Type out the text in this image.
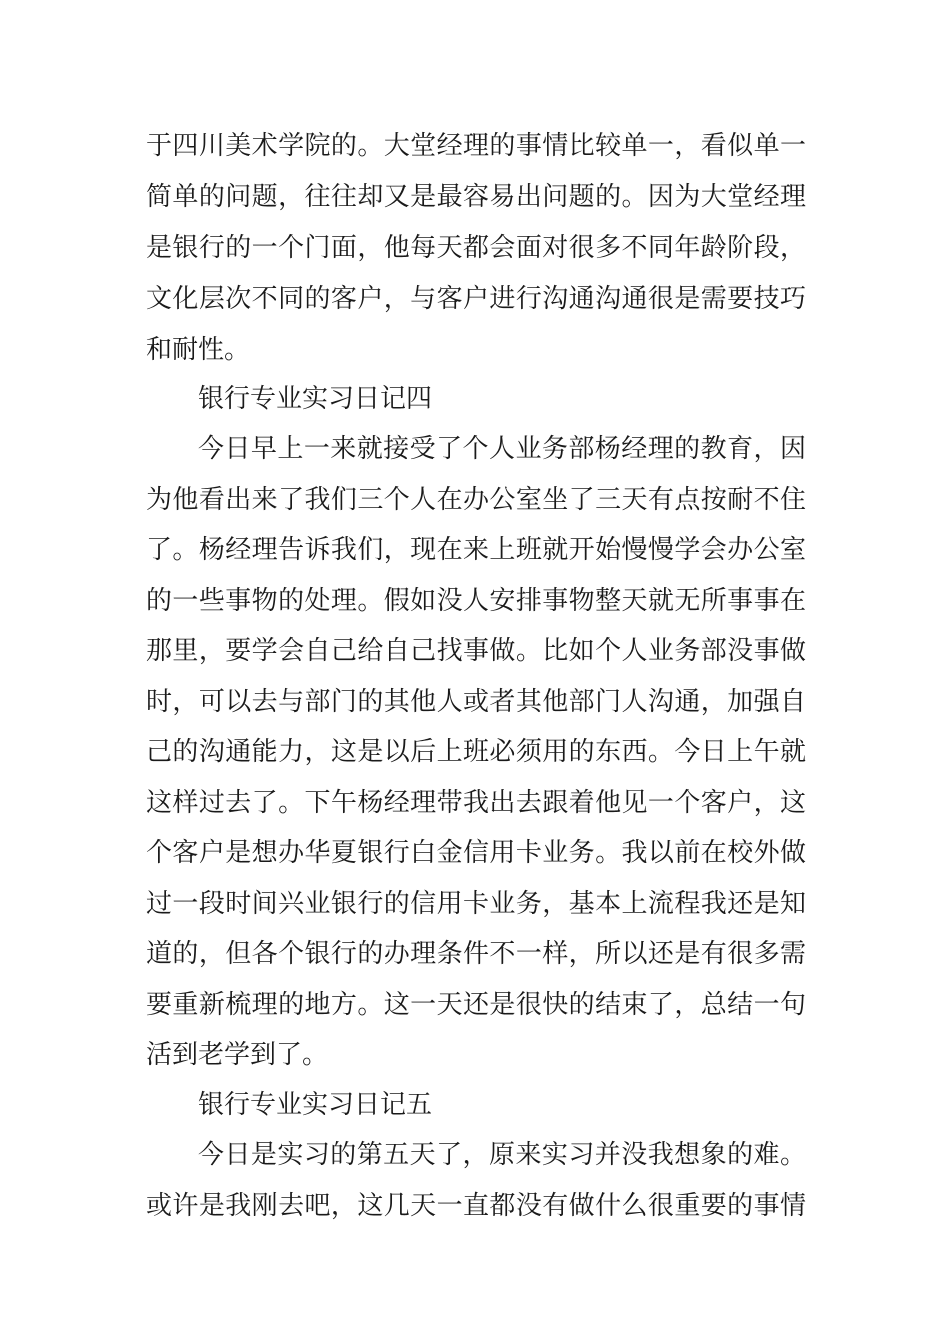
于四川美术学院的。大堂经理的事情比较单一，看似单一
简单的问题，往往却又是最容易出问题的。因为大堂经理
是银行的一个门面，他每天都会面对很多不同年龄阶段，
文化层次不同的客户，与客户进行沟通沟通很是需要技巧
和耐性。
银行专业实习日记四
今日早上一来就接受了个人业务部杨经理的教育，因
为他看出来了我们三个人在办公室坐了三天有点按耐不住
了。杨经理告诉我们，现在来上班就开始慢慢学会办公室
的一些事物的处理。假如没人安排事物整天就无所事事在
那里，要学会自己给自己找事做。比如个人业务部没事做
时，可以去与部门的其他人或者其他部门人沟通，加强自
己的沟通能力，这是以后上班必须用的东西。今日上午就
这样过去了。下午杨经理带我出去跟着他见一个客户，这
个客户是想办华夏银行白金信用卡业务。我以前在校外做
过一段时间兴业银行的信用卡业务，基本上流程我还是知
道的，但各个银行的办理条件不一样，所以还是有很多需
要重新梳理的地方。这一天还是很快的结束了，总结一句
活到老学到了。
银行专业实习日记五
今日是实习的第五天了，原来实习并没我想象的难。
或许是我刚去吧，这几天一直都没有做什么很重要的事情
